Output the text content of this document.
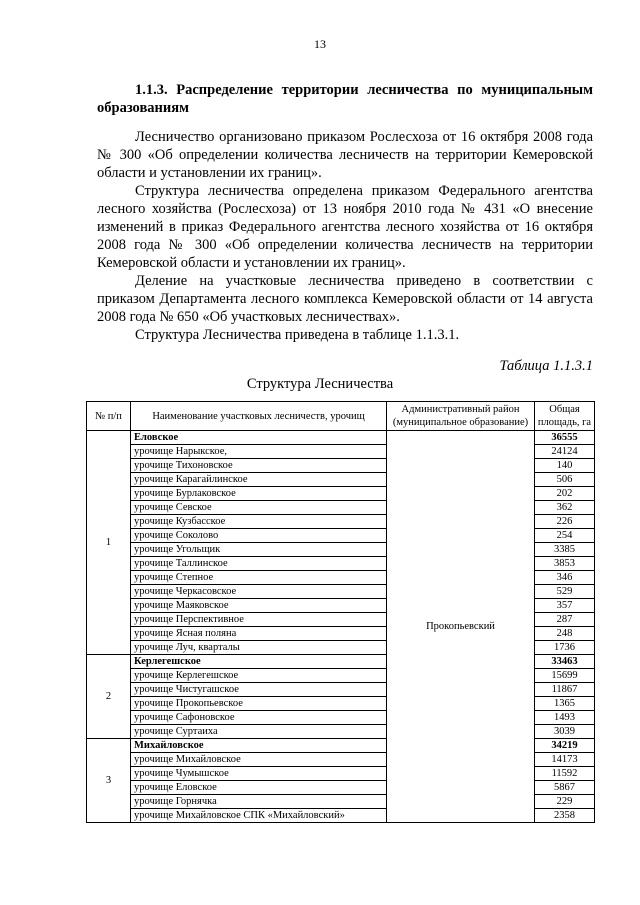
13
1.1.3. Распределение территории лесничества по муниципальным образованиям

Лесничество организовано приказом Рослесхоза от 16 октября 2008 года № 300 «Об определении количества лесничеств на территории Кемеровской области и установлении их границ».

Структура лесничества определена приказом Федерального агентства лесного хозяйства (Рослесхоза) от 13 ноября 2010 года № 431 «О внесение изменений в приказ Федерального агентства лесного хозяйства от 16 октября 2008 года № 300 «Об определении количества лесничеств на территории Кемеровской области и установлении их границ».

Деление на участковые лесничества приведено в соответствии с приказом Департамента лесного комплекса Кемеровской области от 14 августа 2008 года № 650 «Об участковых лесничествах».

Структура Лесничества приведена в таблице 1.1.3.1.

Таблица 1.1.3.1
Структура Лесничества
№ п/п	Наименование участковых лесничеств, урочищ	Административный район (муниципальное образование)	Общая площадь, га
1	Еловское	Прокопьевский	36555
	урочище Нарыкское,		24124
	урочище Тихоновское		140
	урочище Карагайлинское		506
	урочище Бурлаковское		202
	урочище Севское		362
	урочище Кузбасское		226
	урочище Соколово		254
	урочище Угольщик		3385
	урочище Таллинское		3853
	урочище Степное		346
	урочище Черкасовское		529
	урочище Маяковское		357
	урочище Перспективное		287
	урочище Ясная поляна		248
	урочище Луч, кварталы		1736
2	Керлегешское		33463
	урочище Керлегешское		15699
	урочище Чистугашское		11867
	урочище Прокопьевское		1365
	урочище Сафоновское		1493
	урочище Суртаиха		3039
3	Михайловское		34219
	урочище Михайловское		14173
	урочище Чумышское		11592
	урочище Еловское		5867
	урочище Горнячка		229
	урочище Михайловское СПК «Михайловский»		2358
